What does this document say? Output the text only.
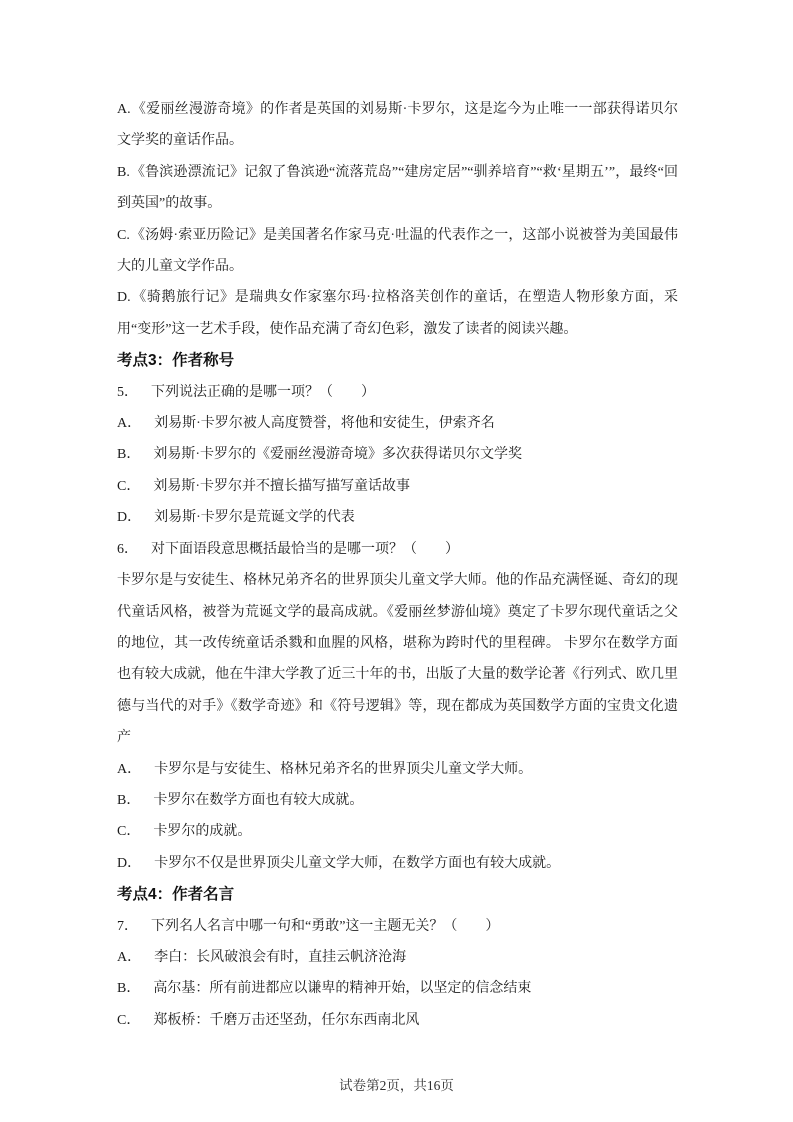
A.《爱丽丝漫游奇境》的作者是英国的刘易斯·卡罗尔，这是迄今为止唯一一部获得诺贝尔文学奖的童话作品。

B.《鲁滨逊漂流记》记叙了鲁滨逊“流落荒岛”“建房定居”“驯养培育”“救‘星期五’”，最终“回到英国”的故事。

C.《汤姆·索亚历险记》是美国著名作家马克·吐温的代表作之一，这部小说被誉为美国最伟大的儿童文学作品。

D.《骑鹅旅行记》是瑞典女作家塞尔玛·拉格洛芙创作的童话，在塑造人物形象方面，采用“变形”这一艺术手段，使作品充满了奇幻色彩，激发了读者的阅读兴趣。

考点3：作者称号

5． 下列说法正确的是哪一项？（　　）

A． 刘易斯·卡罗尔被人高度赞誉，将他和安徒生，伊索齐名

B． 刘易斯·卡罗尔的《爱丽丝漫游奇境》多次获得诺贝尔文学奖

C． 刘易斯·卡罗尔并不擅长描写描写童话故事

D． 刘易斯·卡罗尔是荒诞文学的代表

6． 对下面语段意思概括最恰当的是哪一项？（　　）

卡罗尔是与安徒生、格林兄弟齐名的世界顶尖儿童文学大师。他的作品充满怪诞、奇幻的现代童话风格，被誉为荒诞文学的最高成就。《爱丽丝梦游仙境》奠定了卡罗尔现代童话之父的地位，其一改传统童话杀戮和血腥的风格，堪称为跨时代的里程碑。 卡罗尔在数学方面也有较大成就，他在牛津大学教了近三十年的书，出版了大量的数学论著《行列式、欧几里德与当代的对手》《数学奇迹》和《符号逻辑》等，现在都成为英国数学方面的宝贵文化遗产

A． 卡罗尔是与安徒生、格林兄弟齐名的世界顶尖儿童文学大师。

B． 卡罗尔在数学方面也有较大成就。

C． 卡罗尔的成就。

D． 卡罗尔不仅是世界顶尖儿童文学大师，在数学方面也有较大成就。

考点4：作者名言

7． 下列名人名言中哪一句和“勇敢”这一主题无关？（　　）

A． 李白：长风破浪会有时，直挂云帆济沧海

B． 高尔基：所有前进都应以谦卑的精神开始，以坚定的信念结束

C． 郑板桥：千磨万击还坚劲，任尔东西南北风

试卷第2页，共16页
